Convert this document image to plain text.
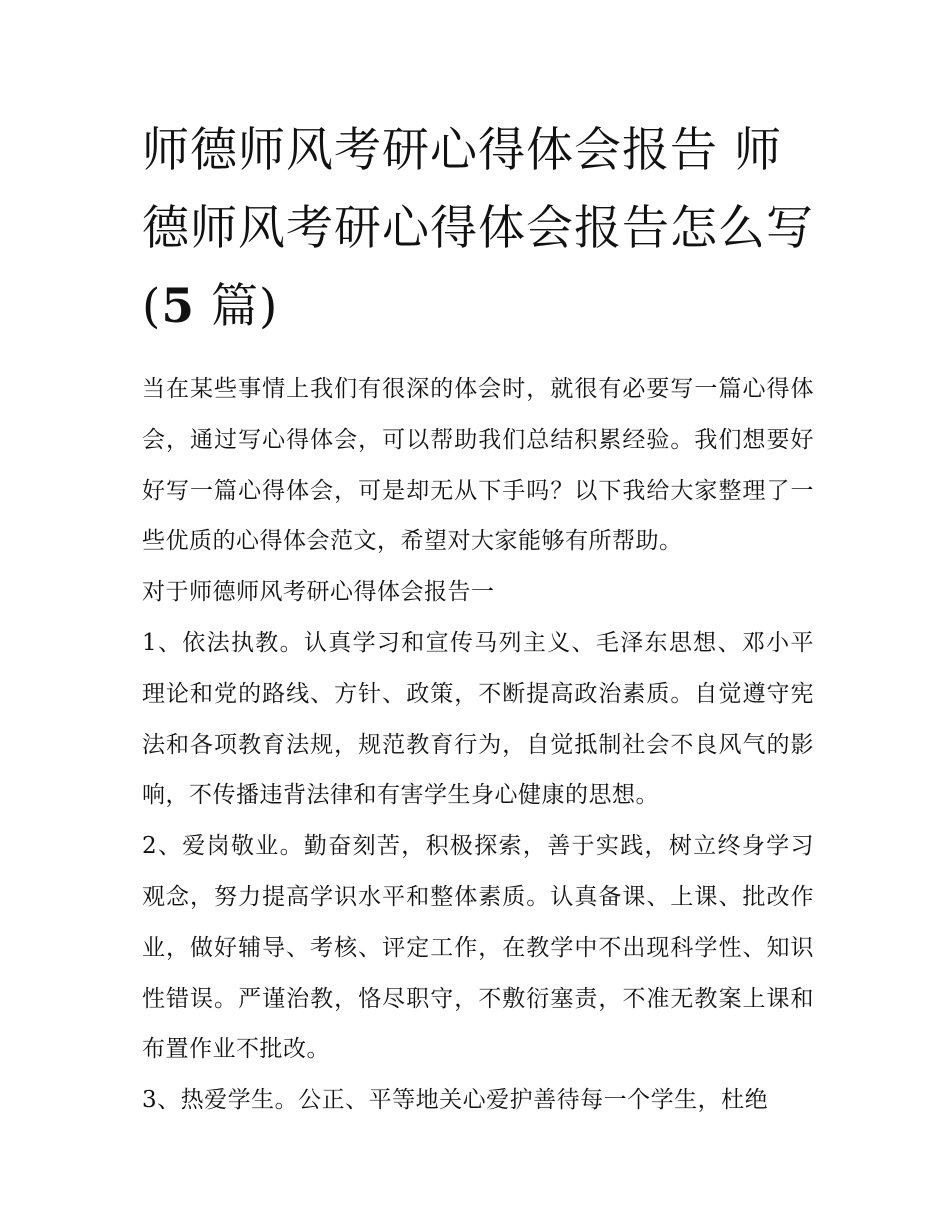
师德师风考研心得体会报告 师德师风考研心得体会报告怎么写(5 篇)

当在某些事情上我们有很深的体会时，就很有必要写一篇心得体会，通过写心得体会，可以帮助我们总结积累经验。我们想要好好写一篇心得体会，可是却无从下手吗？以下我给大家整理了一些优质的心得体会范文，希望对大家能够有所帮助。

对于师德师风考研心得体会报告一

1、依法执教。认真学习和宣传马列主义、毛泽东思想、邓小平理论和党的路线、方针、政策，不断提高政治素质。自觉遵守宪法和各项教育法规，规范教育行为，自觉抵制社会不良风气的影响，不传播违背法律和有害学生身心健康的思想。

2、爱岗敬业。勤奋刻苦，积极探索，善于实践，树立终身学习观念，努力提高学识水平和整体素质。认真备课、上课、批改作业，做好辅导、考核、评定工作，在教学中不出现科学性、知识性错误。严谨治教，恪尽职守，不敷衍塞责，不准无教案上课和布置作业不批改。

3、热爱学生。公正、平等地关心爱护善待每一个学生，杜绝
